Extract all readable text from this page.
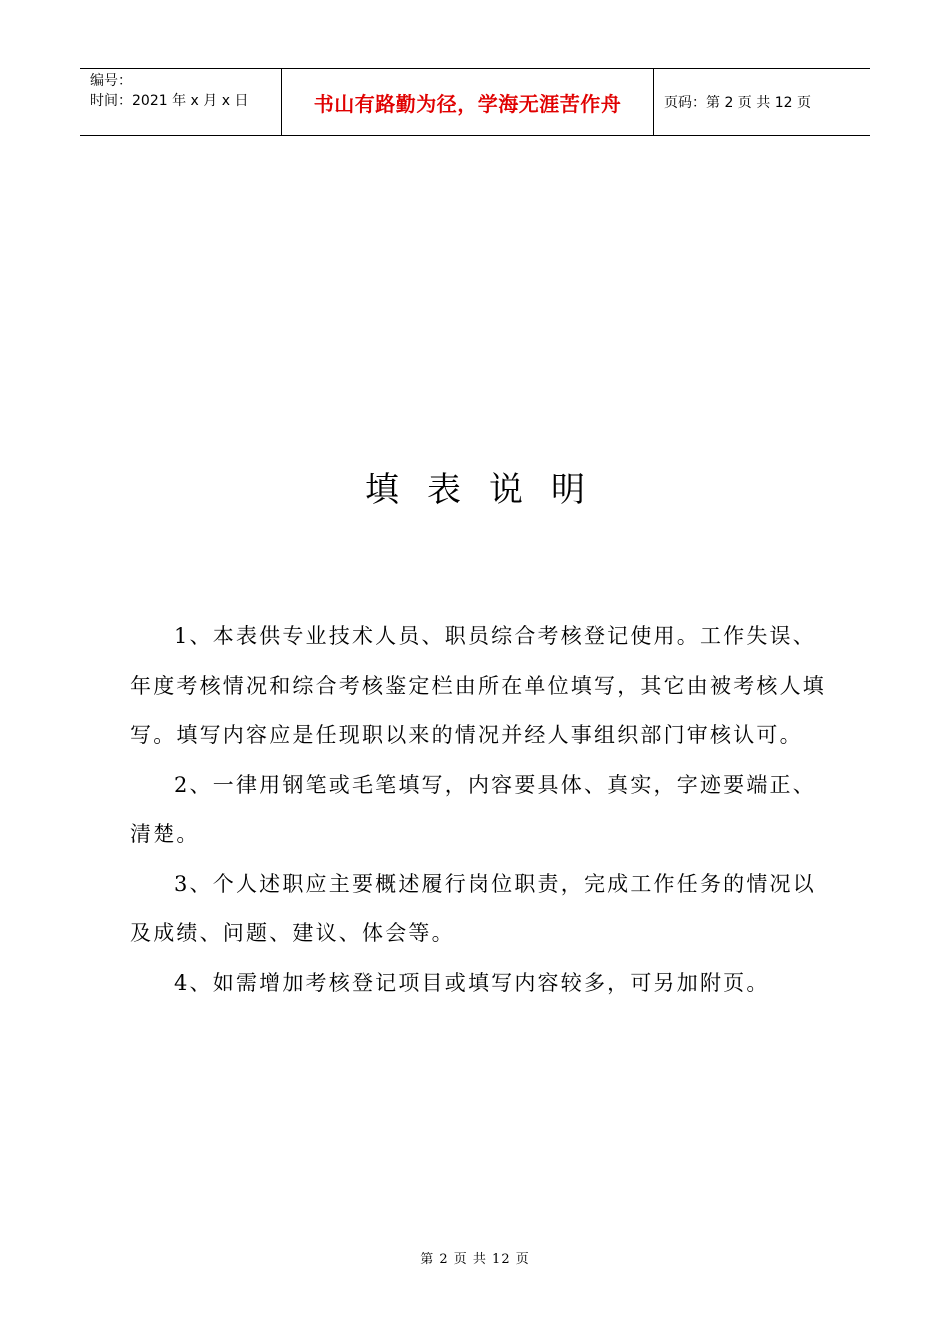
编号：
时间：2021 年 x 月 x 日	书山有路勤为径，学海无涯苦作舟	页码：第 2 页 共 12 页
填表说明

1、本表供专业技术人员、职员综合考核登记使用。工作失误、年度考核情况和综合考核鉴定栏由所在单位填写，其它由被考核人填写。填写内容应是任现职以来的情况并经人事组织部门审核认可。

2、一律用钢笔或毛笔填写，内容要具体、真实，字迹要端正、清楚。

3、个人述职应主要概述履行岗位职责，完成工作任务的情况以及成绩、问题、建议、体会等。

4、如需增加考核登记项目或填写内容较多，可另加附页。

第 2 页 共 12 页
